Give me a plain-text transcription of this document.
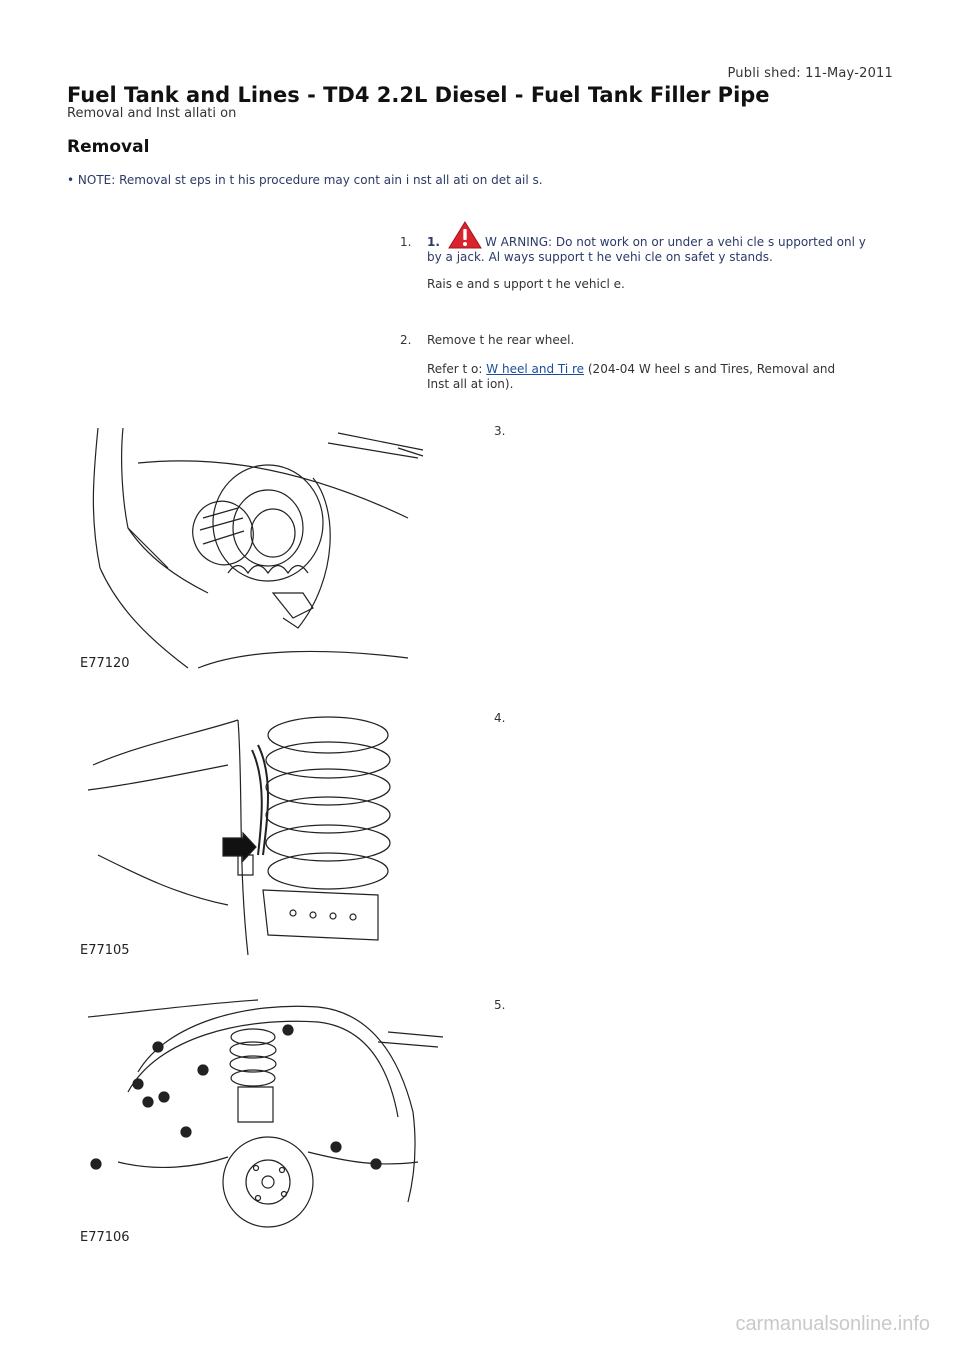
Publi shed: 11-May-2011
Fuel Tank and Lines - TD4 2.2L Diesel - Fuel Tank Filler Pipe
Removal and Inst allati on
Removal
• NOTE: Removal st eps in t his procedure may cont ain i nst all ati on det ail s.
1. 1.	W ARNING: Do not work on or under a vehi cle s upported onl y
by a jack. Al ways support t he vehi cle on safet y stands.
Rais e and s upport t he vehicl e.
2. Remove t he rear wheel.
Refer t o: W heel and Ti re (204-04 W heel s and Tires, Removal and
Inst all at ion).
3.
E77120
4.
E77105
5.
E77106
carmanualsonline.info
